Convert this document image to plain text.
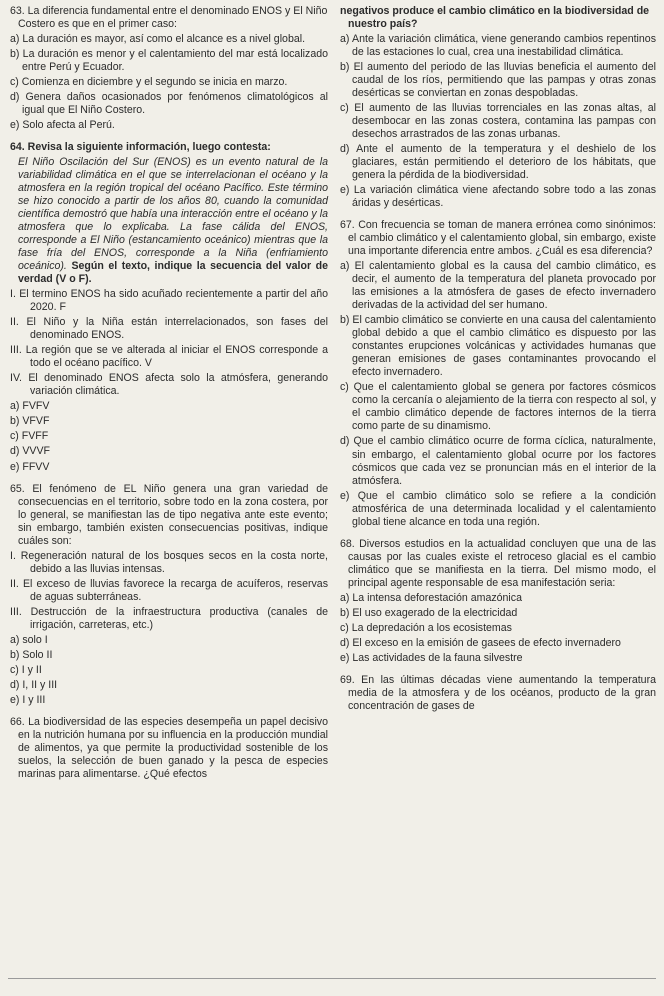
63. La diferencia fundamental entre el denominado ENOS y El Niño Costero es que en el primer caso:

a) La duración es mayor, así como el alcance es a nivel global.

b) La duración es menor y el calentamiento del mar está localizado entre Perú y Ecuador.

c) Comienza en diciembre y el segundo se inicia en marzo.

d) Genera daños ocasionados por fenómenos climatológicos al igual que El Niño Costero.

e) Solo afecta al Perú.

64. Revisa la siguiente información, luego contesta:

El Niño Oscilación del Sur (ENOS) es un evento natural de la variabilidad climática en el que se interrelacionan el océano y la atmosfera en la región tropical del océano Pacífico. Este término se hizo conocido a partir de los años 80, cuando la comunidad científica demostró que había una interacción entre el océano y la atmosfera que lo explicaba. La fase cálida del ENOS, corresponde a El Niño (estancamiento oceánico) mientras que la fase fría del ENOS, corresponde a la Niña (enfriamiento oceánico). Según el texto, indique la secuencia del valor de verdad (V o F).

I. El termino ENOS ha sido acuñado recientemente a partir del año 2020. F

II. El Niño y la Niña están interrelacionados, son fases del denominado ENOS.

III. La región que se ve alterada al iniciar el ENOS corresponde a todo el océano pacífico. V

IV. El denominado ENOS afecta solo la atmósfera, generando variación climática.

a) FVFV

b) VFVF

c) FVFF

d) VVVF

e) FFVV

65. El fenómeno de EL Niño genera una gran variedad de consecuencias en el territorio, sobre todo en la zona costera, por lo general, se manifiestan las de tipo negativa ante este evento; sin embargo, también existen consecuencias positivas, indique cuáles son:

I. Regeneración natural de los bosques secos en la costa norte, debido a las lluvias intensas.

II. El exceso de lluvias favorece la recarga de acuíferos, reservas de aguas subterráneas.

III. Destrucción de la infraestructura productiva (canales de irrigación, carreteras, etc.)

a) solo I

b) Solo II

c) I y II

d) I, II y III

e) I y III

66. La biodiversidad de las especies desempeña un papel decisivo en la nutrición humana por su influencia en la producción mundial de alimentos, ya que permite la productividad sostenible de los suelos, la selección de buen ganado y la pesca de especies marinas para alimentarse. ¿Qué efectos

negativos produce el cambio climático en la biodiversidad de nuestro país?

a) Ante la variación climática, viene generando cambios repentinos de las estaciones lo cual, crea una inestabilidad climática.

b) El aumento del periodo de las lluvias beneficia el aumento del caudal de los ríos, permitiendo que las pampas y otras zonas desérticas se conviertan en zonas despobladas.

c) El aumento de las lluvias torrenciales en las zonas altas, al desembocar en las zonas costera, contamina las pampas con desechos arrastrados de las zonas urbanas.

d) Ante el aumento de la temperatura y el deshielo de los glaciares, están permitiendo el deterioro de los hábitats, que genera la pérdida de la biodiversidad.

e) La variación climática viene afectando sobre todo a las zonas áridas y desérticas.

67. Con frecuencia se toman de manera errónea como sinónimos: el cambio climático y el calentamiento global, sin embargo, existe una importante diferencia entre ambos. ¿Cuál es esa diferencia?

a) El calentamiento global es la causa del cambio climático, es decir, el aumento de la temperatura del planeta provocado por las emisiones a la atmósfera de gases de efecto invernadero derivadas de la actividad del ser humano.

b) El cambio climático se convierte en una causa del calentamiento global debido a que el cambio climático es dispuesto por las constantes erupciones volcánicas y actividades humanas que generan emisiones de gases contaminantes provocando el efecto invernadero.

c) Que el calentamiento global se genera por factores cósmicos como la cercanía o alejamiento de la tierra con respecto al sol, y el cambio climático depende de factores internos de la tierra como parte de su dinamismo.

d) Que el cambio climático ocurre de forma cíclica, naturalmente, sin embargo, el calentamiento global ocurre por los factores cósmicos que cada vez se pronuncian más en el interior de la atmósfera.

e) Que el cambio climático solo se refiere a la condición atmosférica de una determinada localidad y el calentamiento global tiene alcance en toda una región.

68. Diversos estudios en la actualidad concluyen que una de las causas por las cuales existe el retroceso glacial es el cambio climático que se manifiesta en la tierra. Del mismo modo, el principal agente responsable de esa manifestación seria:

a) La intensa deforestación amazónica

b) El uso exagerado de la electricidad

c) La depredación a los ecosistemas

d) El exceso en la emisión de gasees de efecto invernadero

e) Las actividades de la fauna silvestre

69. En las últimas décadas viene aumentando la temperatura media de la atmosfera y de los océanos, producto de la gran concentración de gases de
